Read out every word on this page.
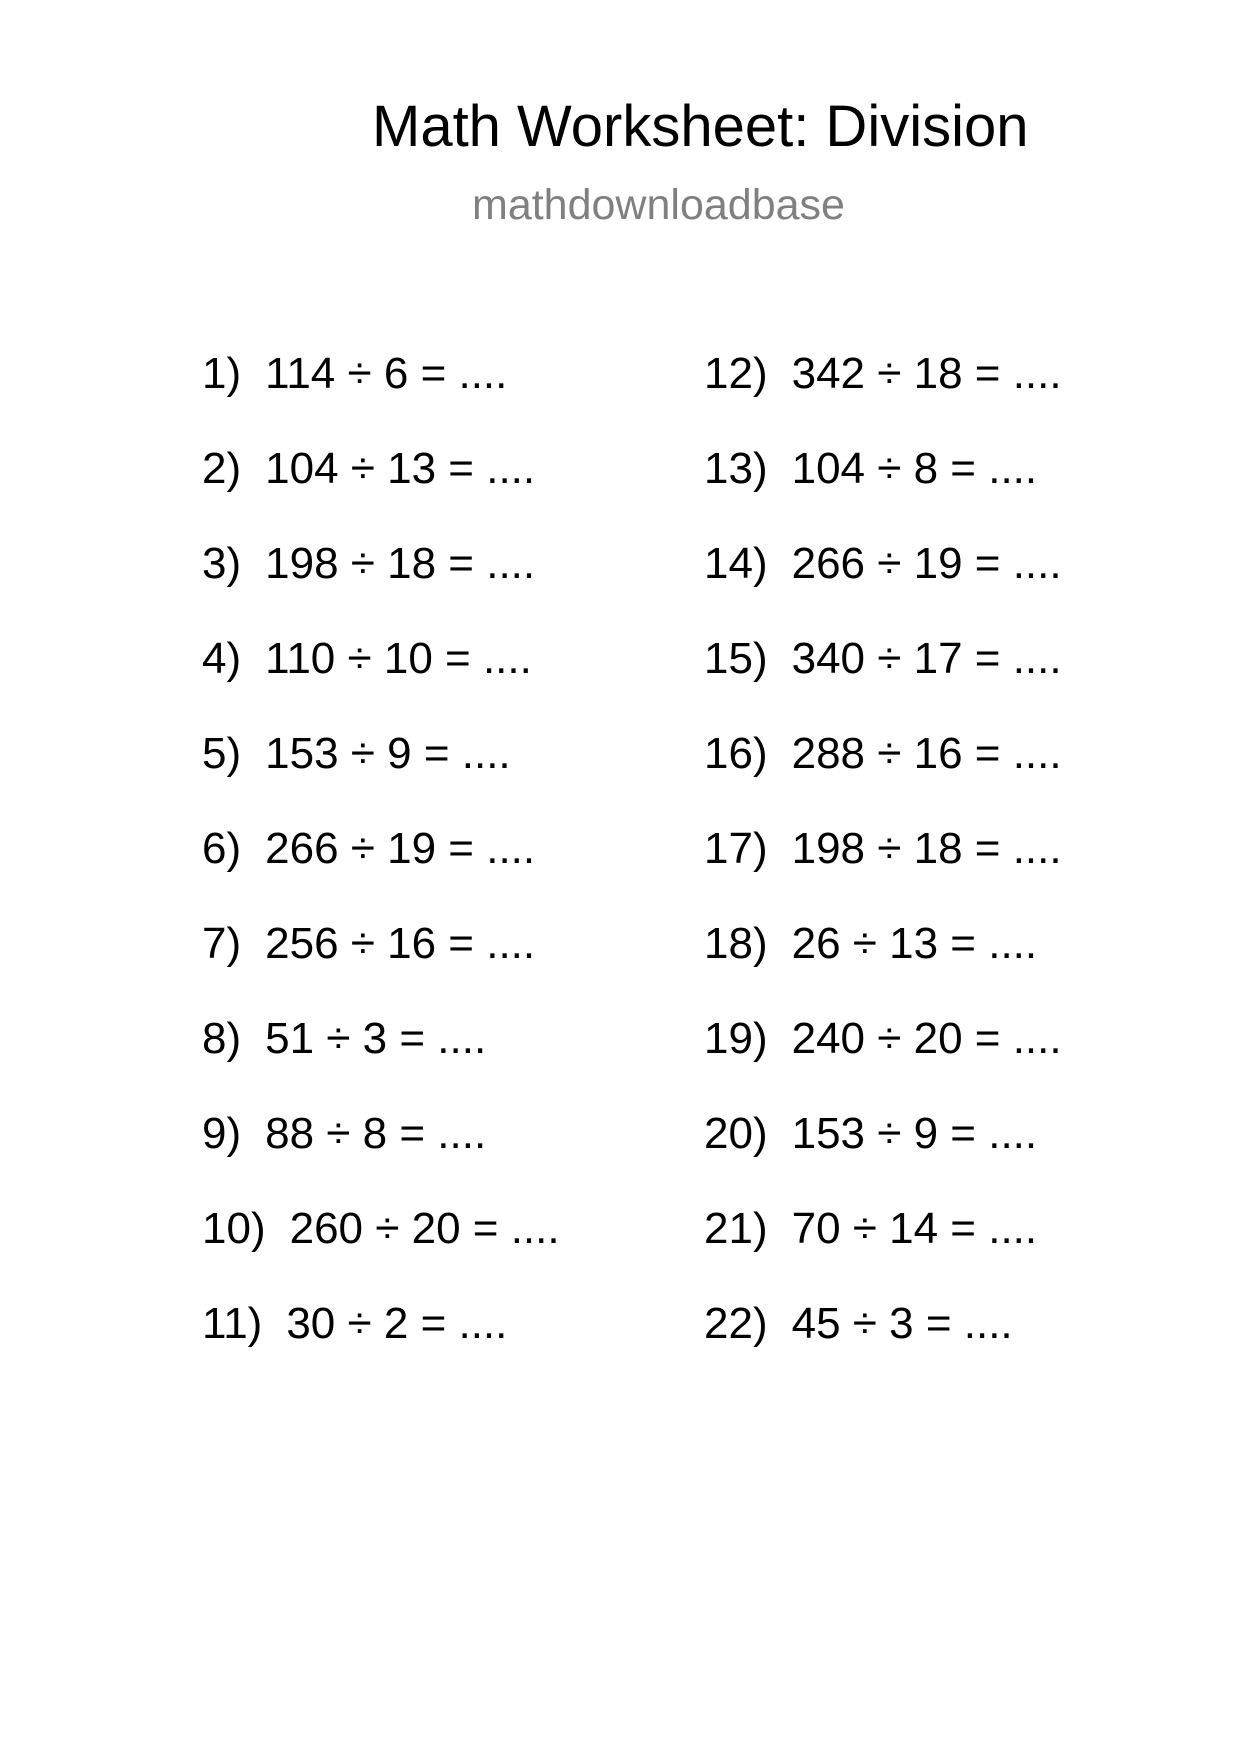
Math Worksheet: Division
mathdownloadbase
1) 114 ÷ 6 = ....
2) 104 ÷ 13 = ....
3) 198 ÷ 18 = ....
4) 110 ÷ 10 = ....
5) 153 ÷ 9 = ....
6) 266 ÷ 19 = ....
7) 256 ÷ 16 = ....
8) 51 ÷ 3 = ....
9) 88 ÷ 8 = ....
10) 260 ÷ 20 = ....
11) 30 ÷ 2 = ....
12) 342 ÷ 18 = ....
13) 104 ÷ 8 = ....
14) 266 ÷ 19 = ....
15) 340 ÷ 17 = ....
16) 288 ÷ 16 = ....
17) 198 ÷ 18 = ....
18) 26 ÷ 13 = ....
19) 240 ÷ 20 = ....
20) 153 ÷ 9 = ....
21) 70 ÷ 14 = ....
22) 45 ÷ 3 = ....
